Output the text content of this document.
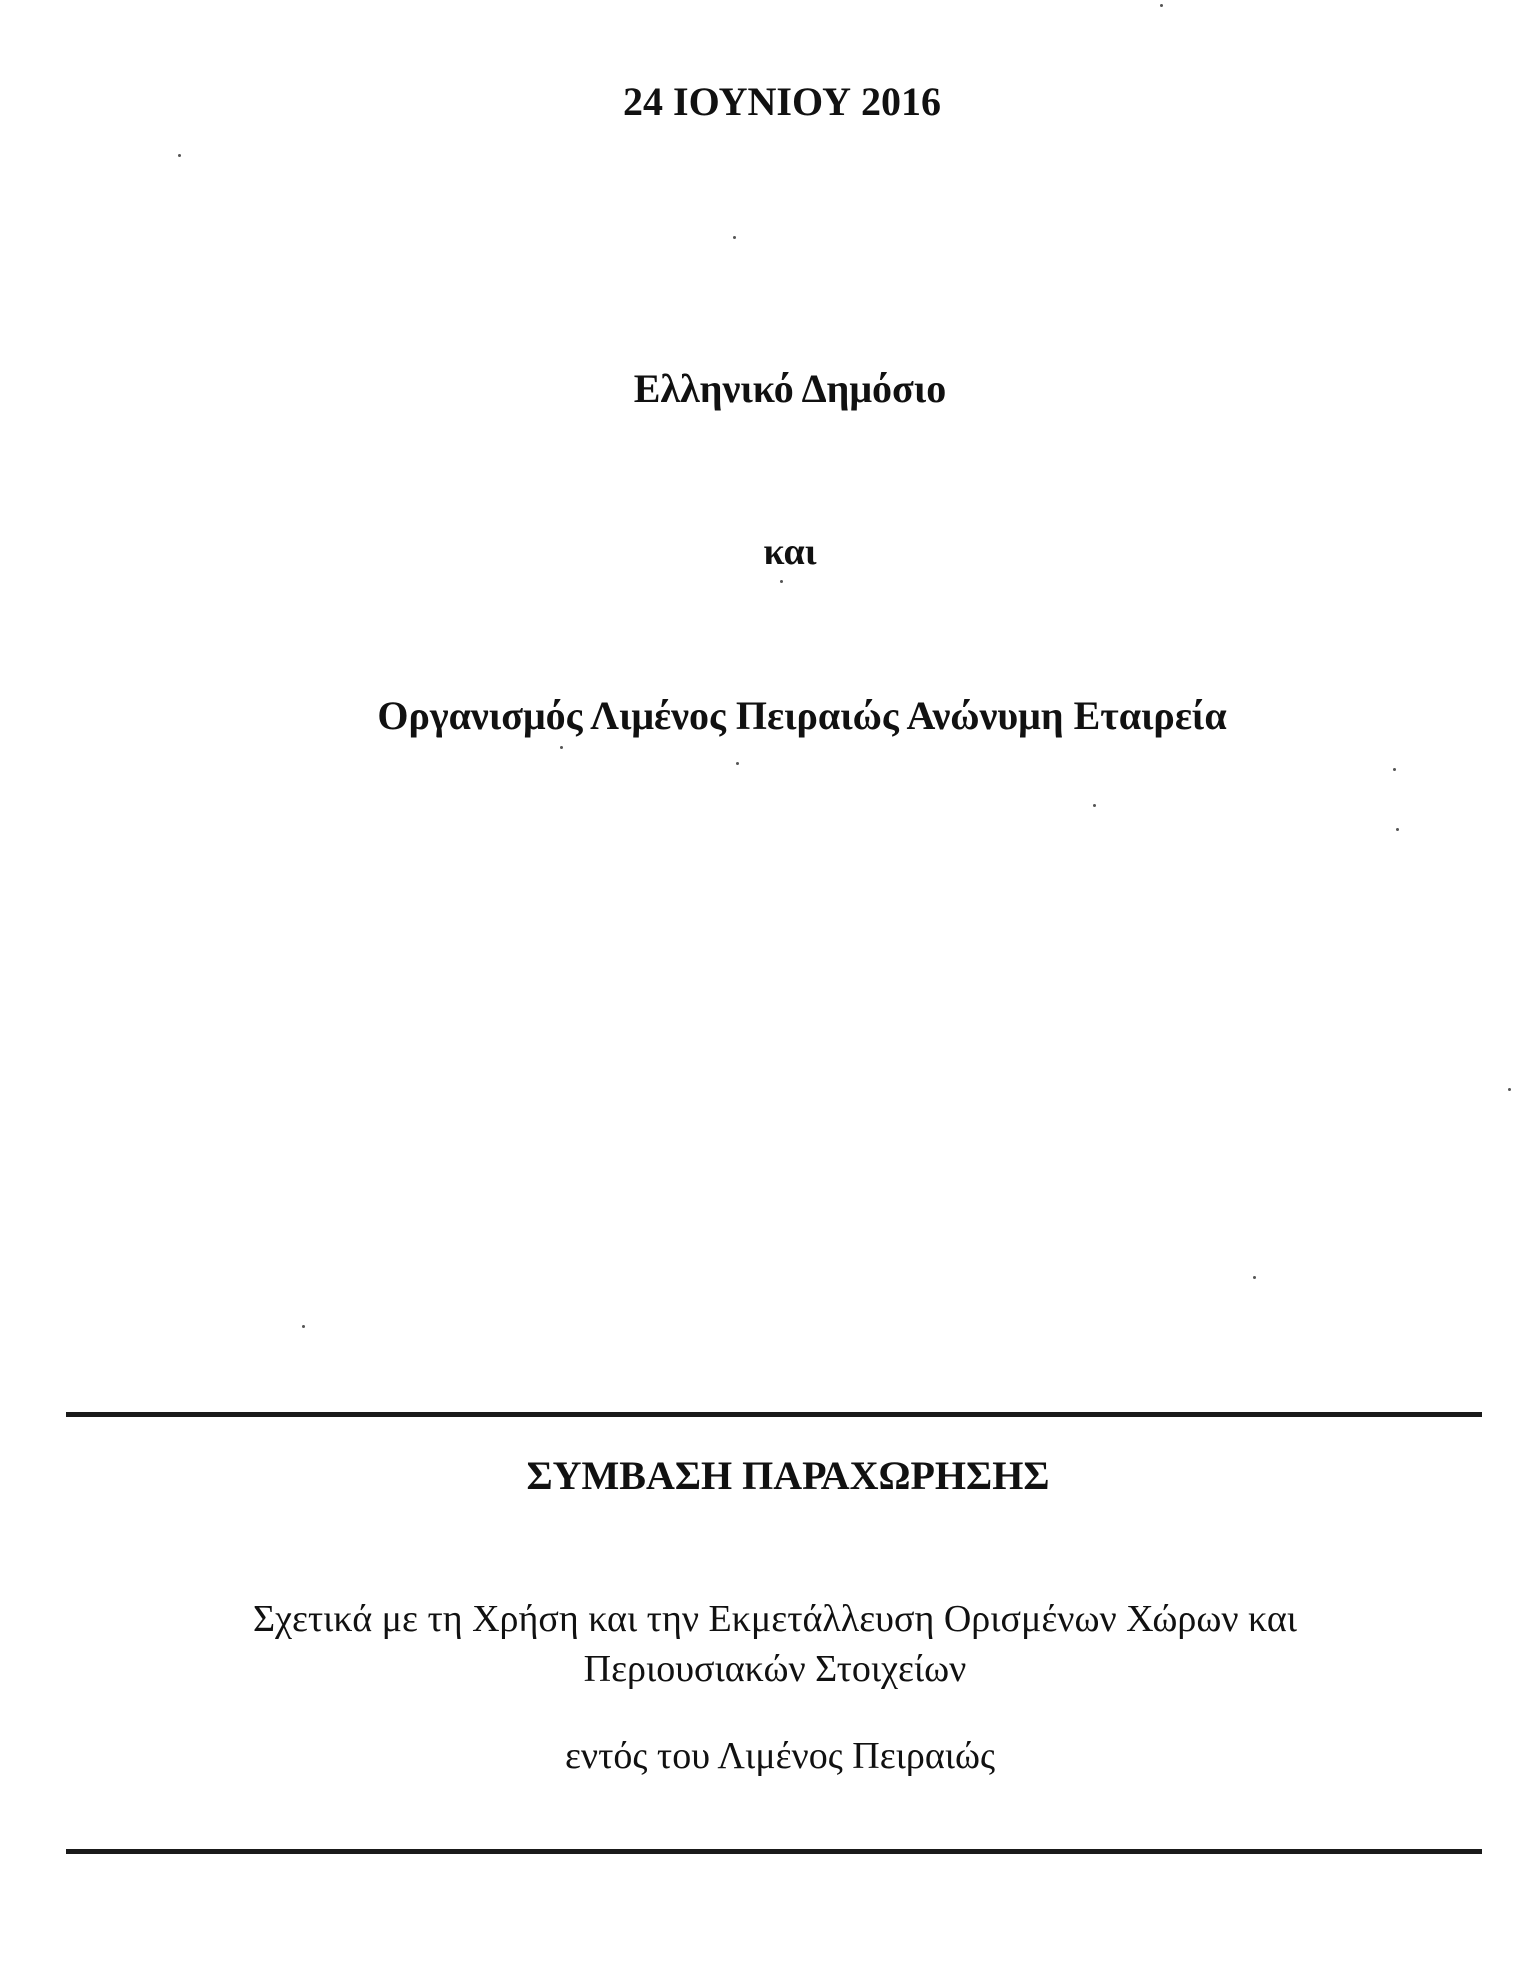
24 ΙΟΥΝΙΟΥ 2016
Ελληνικό Δημόσιο
και
Οργανισμός Λιμένος Πειραιώς Ανώνυμη Εταιρεία
ΣΥΜΒΑΣΗ ΠΑΡΑΧΩΡΗΣΗΣ
Σχετικά με τη Χρήση και την Εκμετάλλευση Ορισμένων Χώρων και
Περιουσιακών Στοιχείων
εντός του Λιμένος Πειραιώς
